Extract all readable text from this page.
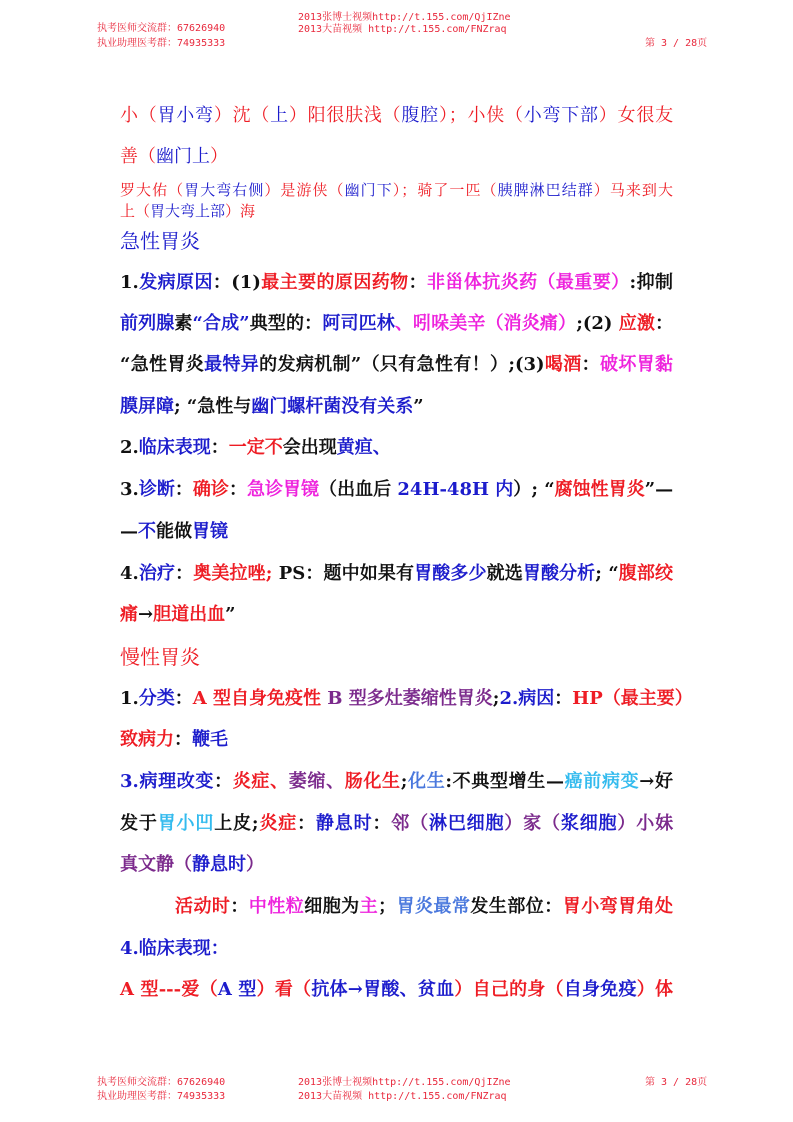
执考医师交流群：67626940
执业助理医考群：74935333
2013张博士视频http://t.155.com/QjIZne
2013大苗视频 http://t.155.com/FNZraq
第 3 / 28页
小（胃小弯）沈（上）阳很肤浅（腹腔）；小侠（小弯下部）女很友
善（幽门上）
罗大佑（胃大弯右侧）是游侠（幽门下）；骑了一匹（胰脾淋巴结群）马来到大
上（胃大弯上部）海
急性胃炎
1.发病原因：(1)最主要的原因药物：非甾体抗炎药（最重要）:抑制
前列腺素“合成”典型的：阿司匹林、吲哚美辛（消炎痛）;(2) 应激：
“急性胃炎最特异的发病机制”（只有急性有！）;(3)喝酒：破坏胃黏
膜屏障; “急性与幽门螺杆菌没有关系”
2.临床表现：一定不会出现黄疸、
3.诊断：确诊：急诊胃镜（出血后 24H-48H 内）; “腐蚀性胃炎”—
—不能做胃镜
4.治疗：奥美拉唑; PS：题中如果有胃酸多少就选胃酸分析; “腹部绞
痛→胆道出血”
慢性胃炎
1.分类：A 型自身免疫性 B 型多灶萎缩性胃炎;2.病因：HP（最主要）
致病力：鞭毛
3.病理改变：炎症、萎缩、肠化生;化生:不典型增生—癌前病变→好
发于胃小凹上皮;炎症：静息时：邻（淋巴细胞）家（浆细胞）小妹
真文静（静息时）
活动时：中性粒细胞为主；胃炎最常发生部位：胃小弯胃角处
4.临床表现：
A 型---爱（A 型）看（抗体→胃酸、贫血）自己的身（自身免疫）体
执考医师交流群：67626940
执业助理医考群：74935333
2013张博士视频http://t.155.com/QjIZne
2013大苗视频 http://t.155.com/FNZraq
第 3 / 28页
